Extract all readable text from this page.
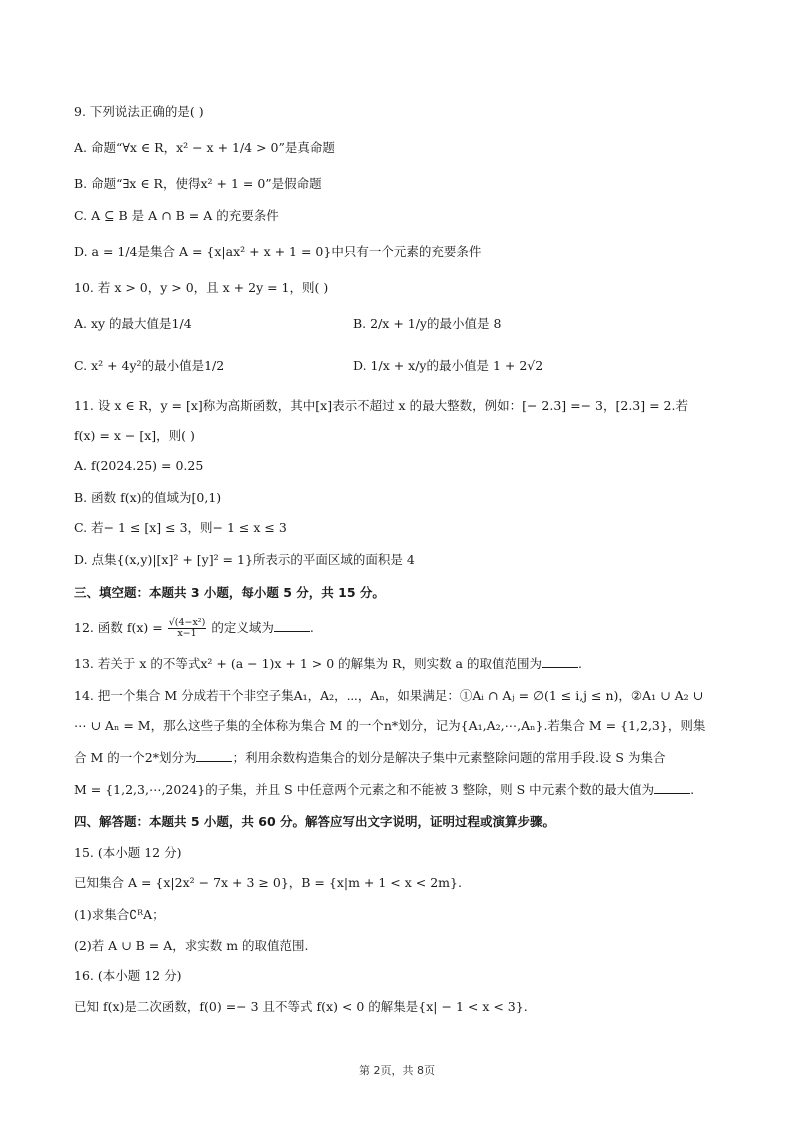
9. 下列说法正确的是( )
A. 命题“∀x ∈ R，x² − x + 1/4 > 0”是真命题
B. 命题“∃x ∈ R，使得x² + 1 = 0”是假命题
C. A ⊆ B 是 A ∩ B = A 的充要条件
D. a = 1/4是集合 A = {x|ax² + x + 1 = 0}中只有一个元素的充要条件
10. 若 x > 0，y > 0，且 x + 2y = 1，则( )
A. xy 的最大值是1/4	B. 2/x + 1/y的最小值是 8
C. x² + 4y²的最小值是1/2	D. 1/x + x/y的最小值是 1 + 2√2
11. 设 x ∈ R，y = [x]称为高斯函数，其中[x]表示不超过 x 的最大整数，例如：[− 2.3] =− 3，[2.3] = 2.若
f(x) = x − [x]，则( )
A. f(2024.25) = 0.25
B. 函数 f(x)的值域为[0,1)
C. 若− 1 ≤ [x] ≤ 3，则− 1 ≤ x ≤ 3
D. 点集{(x,y)|[x]² + [y]² = 1}所表示的平面区域的面积是 4
三、填空题：本题共 3 小题，每小题 5 分，共 15 分。
12. 函数 $f(x) = \frac{\text{√(4−x²)}}{x-1}$ 的定义域为	.
13. 若关于 x 的不等式x² + (a − 1)x + 1 > 0 的解集为 R，则实数 a 的取值范围为	.
14. 把一个集合 M 分成若干个非空子集A₁，A₂，⋯，Aₙ，如果满足：①Aᵢ ∩ Aⱼ = ∅(1 ≤ i,j ≤ n)，②A₁ ∪ A₂ ∪
⋯ ∪ Aₙ = M，那么这些子集的全体称为集合 M 的一个n*划分，记为{A₁,A₂,⋯,Aₙ}.若集合 M = {1,2,3}，则集
合 M 的一个2*划分为	；利用余数构造集合的划分是解决子集中元素整除问题的常用手段.设 S 为集合
M = {1,2,3,⋯,2024}的子集，并且 S 中任意两个元素之和不能被 3 整除，则 S 中元素个数的最大值为	.
四、解答题：本题共 5 小题，共 60 分。解答应写出文字说明，证明过程或演算步骤。
15. (本小题 12 分)
已知集合 A = {x|2x² − 7x + 3 ≥ 0}，B = {x|m + 1 < x < 2m}.
(1)求集合∁ᴿA；
(2)若 A ∪ B = A，求实数 m 的取值范围.
16. (本小题 12 分)
已知 f(x)是二次函数，f(0) =− 3 且不等式 f(x) < 0 的解集是{x| − 1 < x < 3}.
第 2页，共 8页
